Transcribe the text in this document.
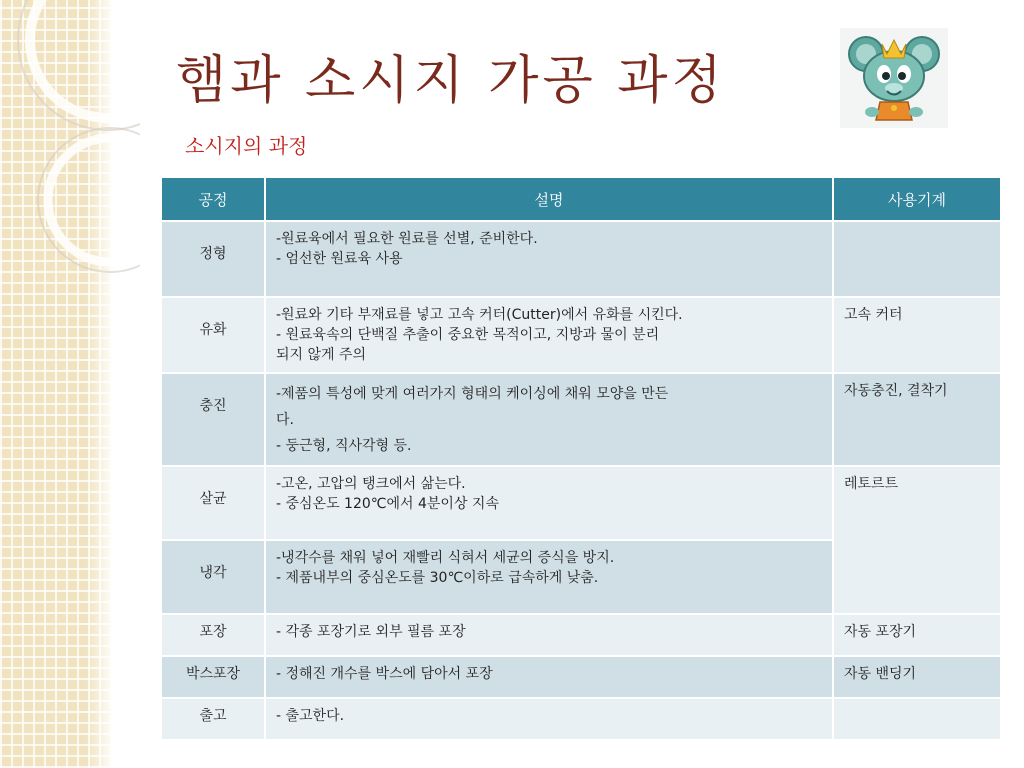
햄과 소시지 가공 과정
소시지의 과정
공정	설명	사용기계
정형	-원료육에서 필요한 원료를 선별, 준비한다.
- 엄선한 원료육 사용	

유화	-원료와 기타 부재료를 넣고 고속 커터(Cutter)에서 유화를 시킨다.
- 원료육속의 단백질 추출이 중요한 목적이고, 지방과 물이 분리
되지 않게 주의	고속 커터
충진	-제품의 특성에 맞게 여러가지 형태의 케이싱에 채워 모양을 만든
다.
- 둥근형, 직사각형 등.	자동충진, 결착기
살균	-고온, 고압의 탱크에서 삶는다.
- 중심온도 120℃에서 4분이상 지속	레토르트
냉각	-냉각수를 채워 넣어 재빨리 식혀서 세균의 증식을 방지.
- 제품내부의 중심온도를 30℃이하로 급속하게 낮춤.	

포장	- 각종 포장기로 외부 필름 포장	자동 포장기
박스포장	- 정해진 개수를 박스에 담아서 포장	자동 밴딩기
출고	- 출고한다.	
